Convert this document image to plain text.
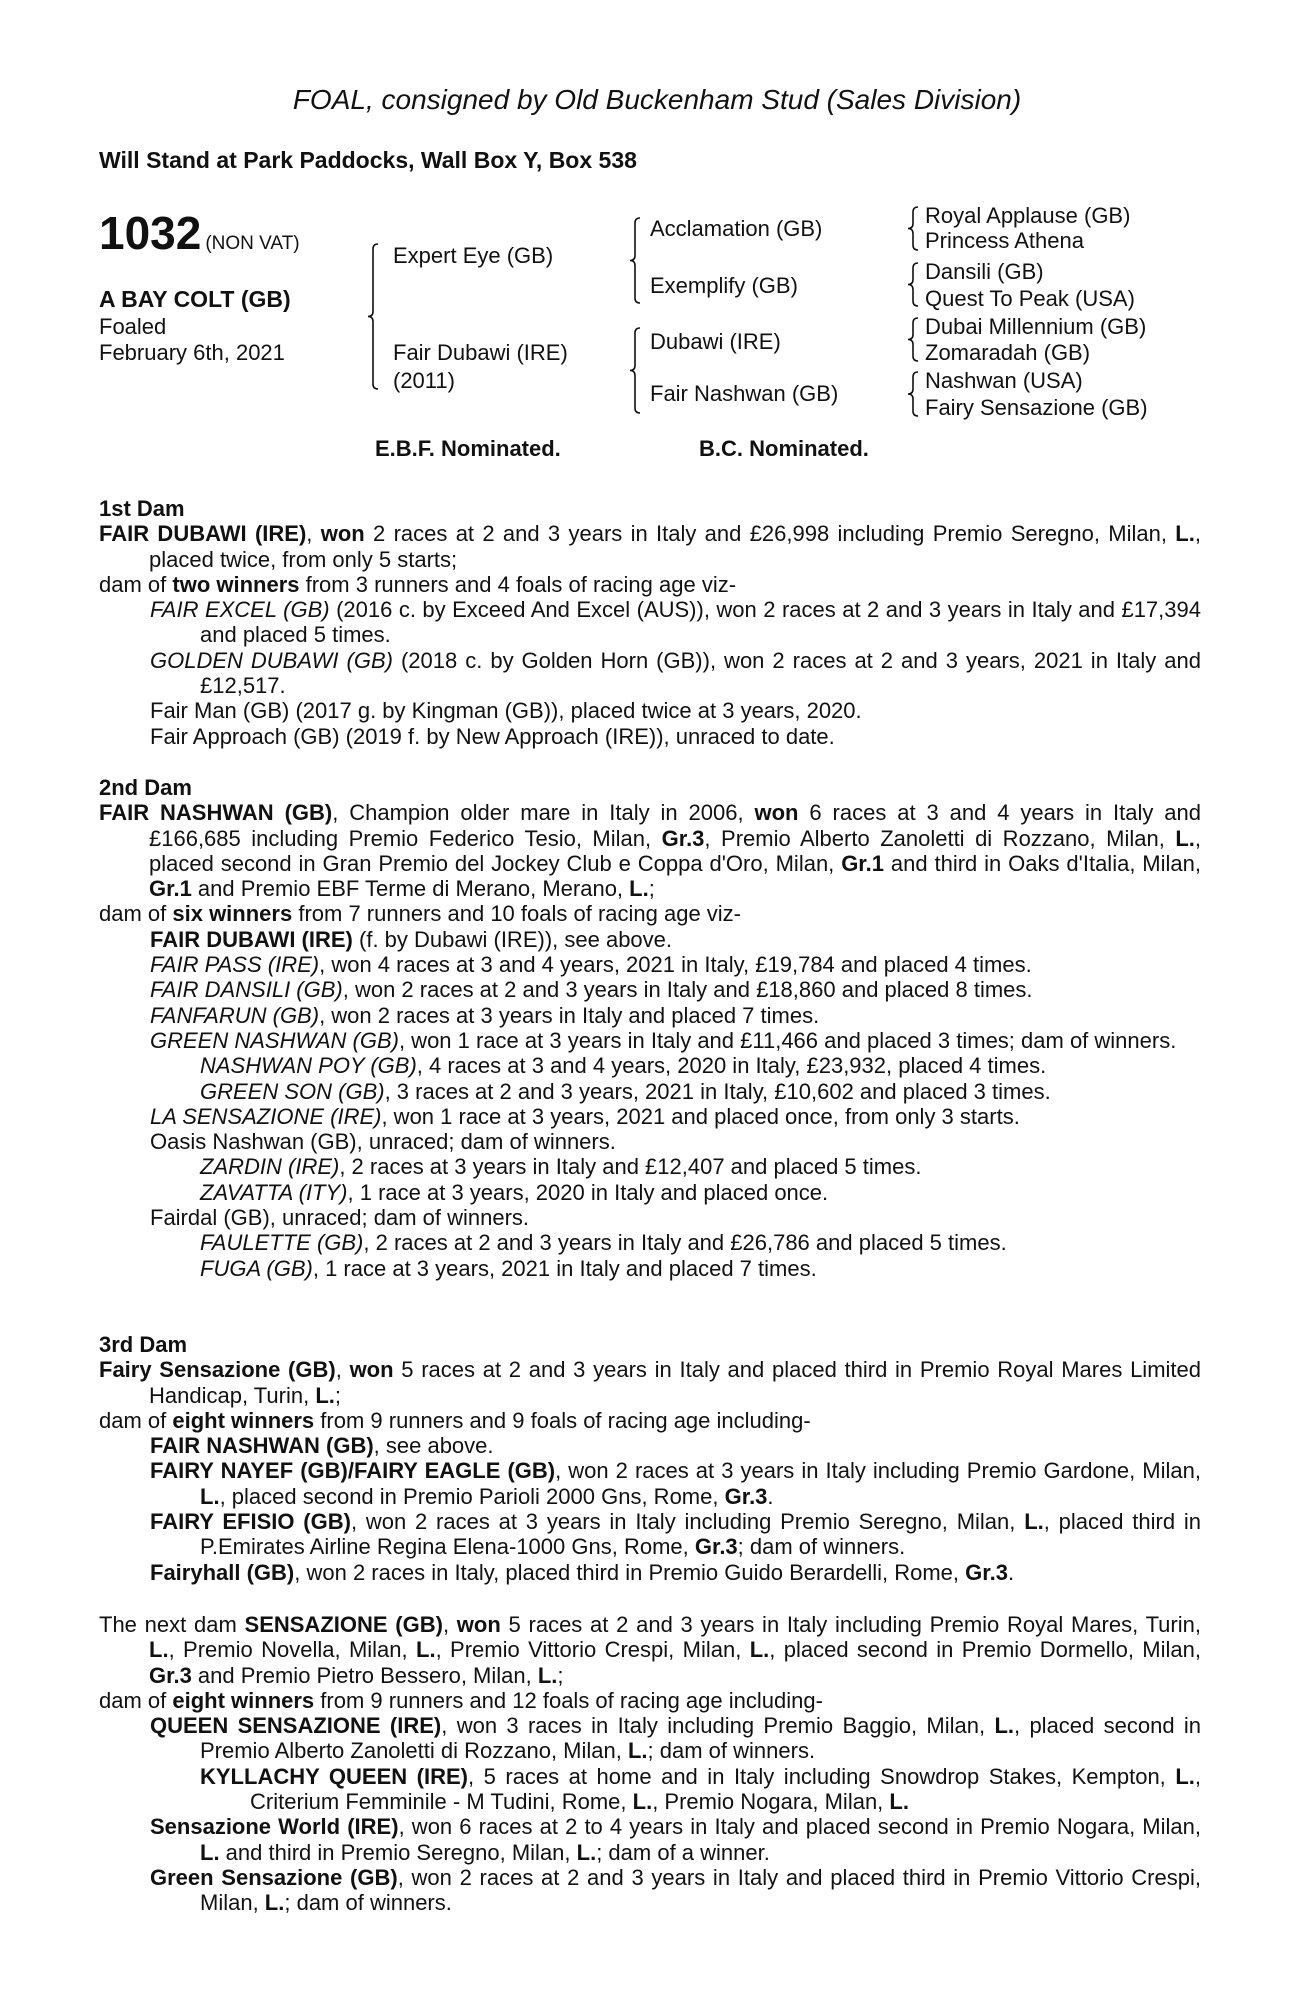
FOAL, consigned by Old Buckenham Stud (Sales Division)
Will Stand at Park Paddocks, Wall Box Y, Box 538
1032 (NON VAT)
A BAY COLT (GB)
Foaled
February 6th, 2021
Expert Eye (GB)
Fair Dubawi (IRE)
(2011)
Acclamation (GB)
Exemplify (GB)
Dubawi (IRE)
Fair Nashwan (GB)
Royal Applause (GB)
Princess Athena
Dansili (GB)
Quest To Peak (USA)
Dubai Millennium (GB)
Zomaradah (GB)
Nashwan (USA)
Fairy Sensazione (GB)
E.B.F. Nominated.	B.C. Nominated.
1st Dam
FAIR DUBAWI (IRE), won 2 races at 2 and 3 years in Italy and £26,998 including Premio Seregno, Milan, L., placed twice, from only 5 starts;
dam of two winners from 3 runners and 4 foals of racing age viz-
FAIR EXCEL (GB) (2016 c. by Exceed And Excel (AUS)), won 2 races at 2 and 3 years in Italy and £17,394 and placed 5 times.
GOLDEN DUBAWI (GB) (2018 c. by Golden Horn (GB)), won 2 races at 2 and 3 years, 2021 in Italy and £12,517.
Fair Man (GB) (2017 g. by Kingman (GB)), placed twice at 3 years, 2020.
Fair Approach (GB) (2019 f. by New Approach (IRE)), unraced to date.
2nd Dam
FAIR NASHWAN (GB), Champion older mare in Italy in 2006, won 6 races at 3 and 4 years in Italy and £166,685 including Premio Federico Tesio, Milan, Gr.3, Premio Alberto Zanoletti di Rozzano, Milan, L., placed second in Gran Premio del Jockey Club e Coppa d'Oro, Milan, Gr.1 and third in Oaks d'Italia, Milan, Gr.1 and Premio EBF Terme di Merano, Merano, L.;
dam of six winners from 7 runners and 10 foals of racing age viz-
FAIR DUBAWI (IRE) (f. by Dubawi (IRE)), see above.
FAIR PASS (IRE), won 4 races at 3 and 4 years, 2021 in Italy, £19,784 and placed 4 times.
FAIR DANSILI (GB), won 2 races at 2 and 3 years in Italy and £18,860 and placed 8 times.
FANFARUN (GB), won 2 races at 3 years in Italy and placed 7 times.
GREEN NASHWAN (GB), won 1 race at 3 years in Italy and £11,466 and placed 3 times; dam of winners.
NASHWAN POY (GB), 4 races at 3 and 4 years, 2020 in Italy, £23,932, placed 4 times.
GREEN SON (GB), 3 races at 2 and 3 years, 2021 in Italy, £10,602 and placed 3 times.
LA SENSAZIONE (IRE), won 1 race at 3 years, 2021 and placed once, from only 3 starts.
Oasis Nashwan (GB), unraced; dam of winners.
ZARDIN (IRE), 2 races at 3 years in Italy and £12,407 and placed 5 times.
ZAVATTA (ITY), 1 race at 3 years, 2020 in Italy and placed once.
Fairdal (GB), unraced; dam of winners.
FAULETTE (GB), 2 races at 2 and 3 years in Italy and £26,786 and placed 5 times.
FUGA (GB), 1 race at 3 years, 2021 in Italy and placed 7 times.
3rd Dam
Fairy Sensazione (GB), won 5 races at 2 and 3 years in Italy and placed third in Premio Royal Mares Limited Handicap, Turin, L.;
dam of eight winners from 9 runners and 9 foals of racing age including-
FAIR NASHWAN (GB), see above.
FAIRY NAYEF (GB)/FAIRY EAGLE (GB), won 2 races at 3 years in Italy including Premio Gardone, Milan, L., placed second in Premio Parioli 2000 Gns, Rome, Gr.3.
FAIRY EFISIO (GB), won 2 races at 3 years in Italy including Premio Seregno, Milan, L., placed third in P.Emirates Airline Regina Elena-1000 Gns, Rome, Gr.3; dam of winners.
Fairyhall (GB), won 2 races in Italy, placed third in Premio Guido Berardelli, Rome, Gr.3.
The next dam SENSAZIONE (GB), won 5 races at 2 and 3 years in Italy including Premio Royal Mares, Turin, L., Premio Novella, Milan, L., Premio Vittorio Crespi, Milan, L., placed second in Premio Dormello, Milan, Gr.3 and Premio Pietro Bessero, Milan, L.;
dam of eight winners from 9 runners and 12 foals of racing age including-
QUEEN SENSAZIONE (IRE), won 3 races in Italy including Premio Baggio, Milan, L., placed second in Premio Alberto Zanoletti di Rozzano, Milan, L.; dam of winners.
KYLLACHY QUEEN (IRE), 5 races at home and in Italy including Snowdrop Stakes, Kempton, L., Criterium Femminile - M Tudini, Rome, L., Premio Nogara, Milan, L.
Sensazione World (IRE), won 6 races at 2 to 4 years in Italy and placed second in Premio Nogara, Milan, L. and third in Premio Seregno, Milan, L.; dam of a winner.
Green Sensazione (GB), won 2 races at 2 and 3 years in Italy and placed third in Premio Vittorio Crespi, Milan, L.; dam of winners.
